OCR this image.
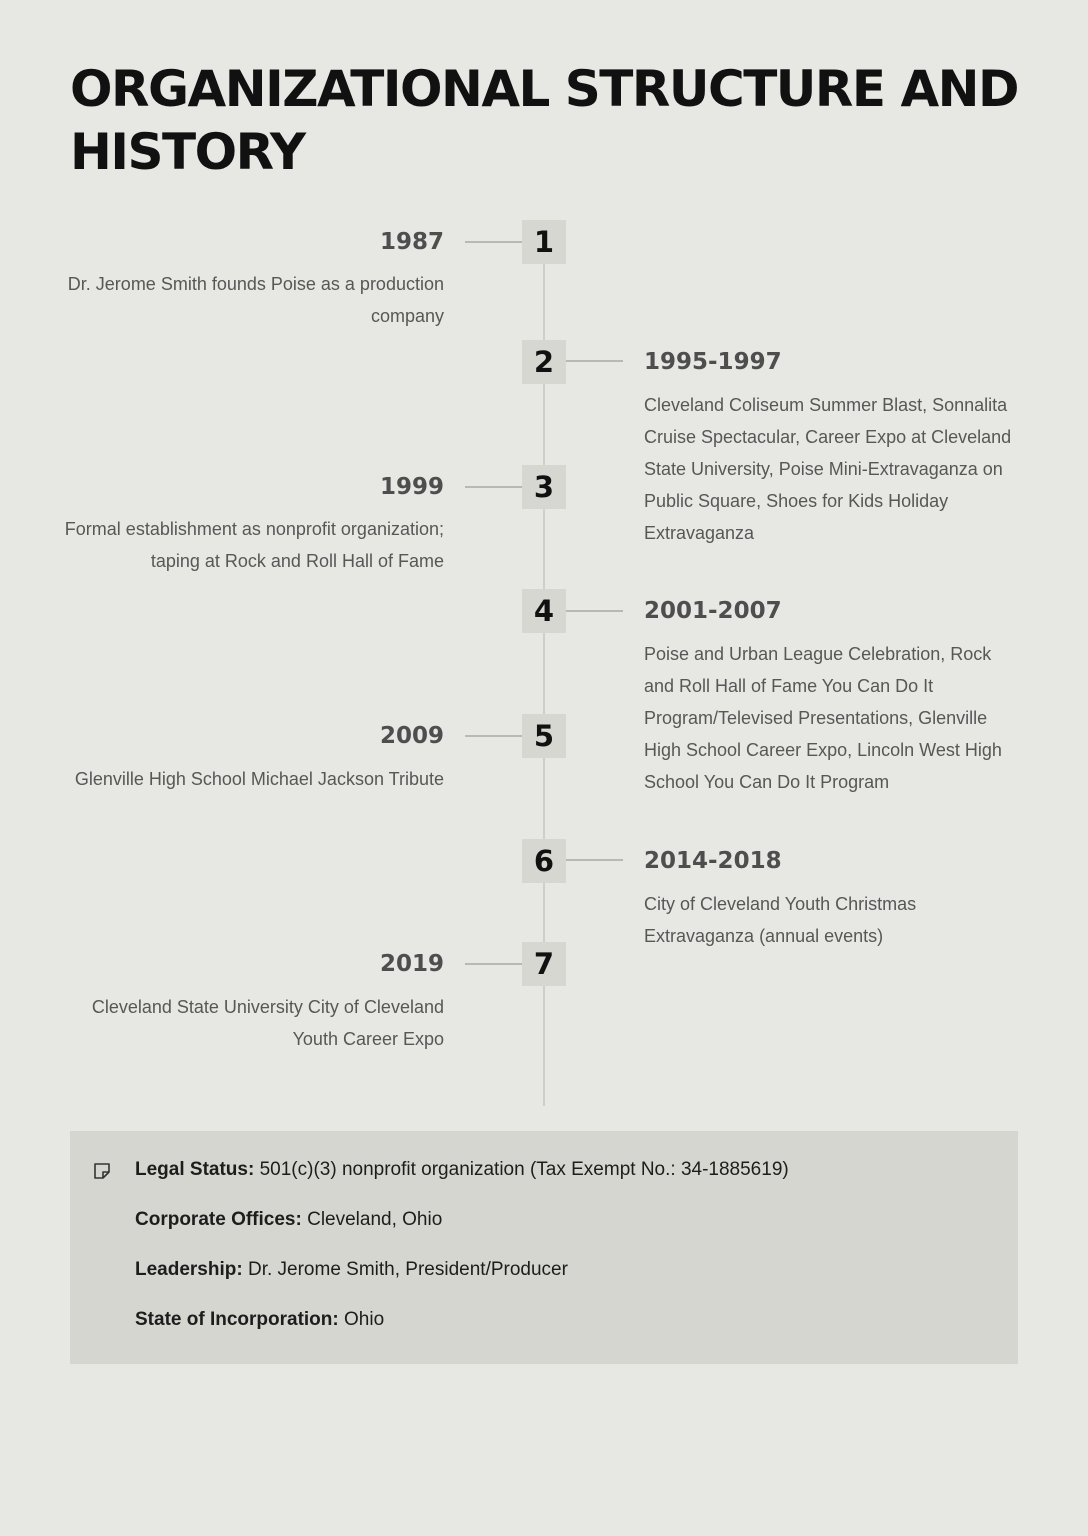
ORGANIZATIONAL STRUCTURE AND HISTORY
1
1987
Dr. Jerome Smith founds Poise as a production company
2	1995-1997
Cleveland Coliseum Summer Blast, Sonnalita Cruise Spectacular, Career Expo at Cleveland State University, Poise Mini-Extravaganza on Public Square, Shoes for Kids Holiday Extravaganza
3
1999
Formal establishment as nonprofit organization; taping at Rock and Roll Hall of Fame
4	2001-2007
Poise and Urban League Celebration, Rock and Roll Hall of Fame You Can Do It Program/Televised Presentations, Glenville High School Career Expo, Lincoln West High School You Can Do It Program
5
2009
Glenville High School Michael Jackson Tribute
6	2014-2018
City of Cleveland Youth Christmas Extravaganza (annual events)
7
2019
Cleveland State University City of Cleveland Youth Career Expo
Legal Status: 501(c)(3) nonprofit organization (Tax Exempt No.: 34-1885619)
Corporate Offices: Cleveland, Ohio
Leadership: Dr. Jerome Smith, President/Producer
State of Incorporation: Ohio
